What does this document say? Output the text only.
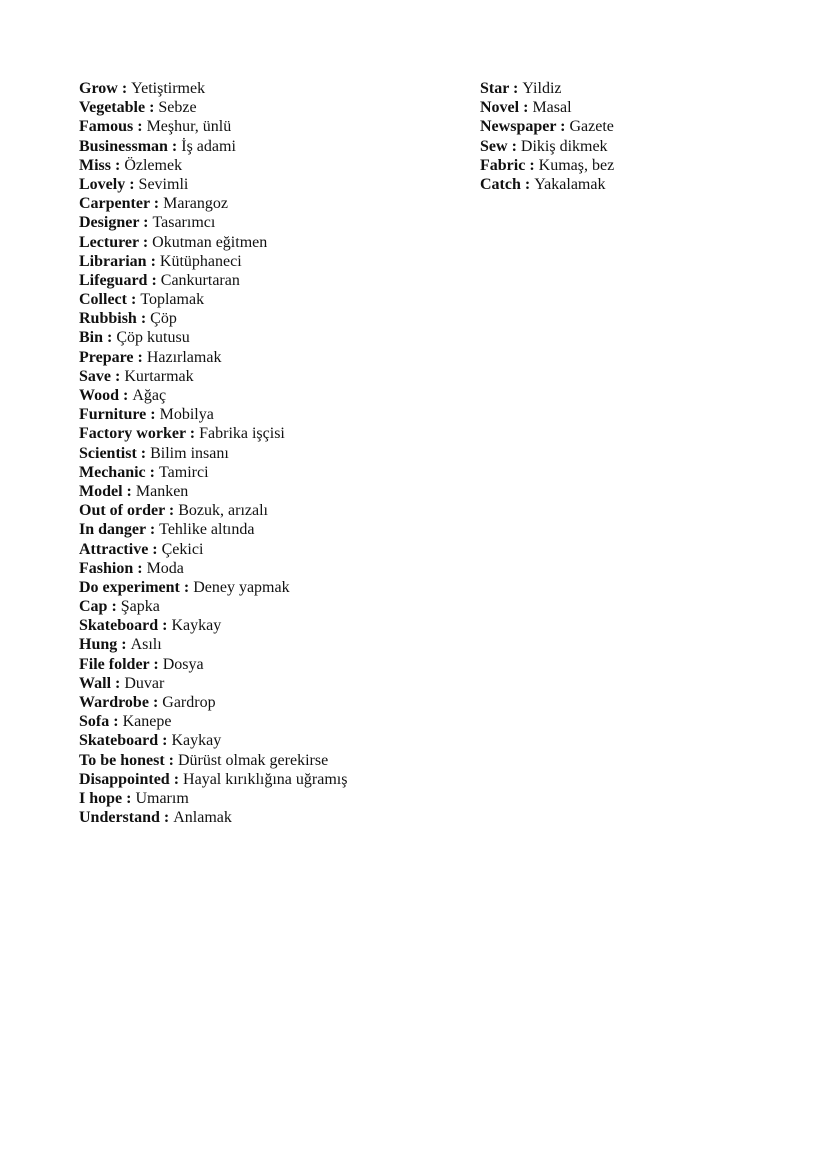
Grow : Yetiştirmek
Vegetable : Sebze
Famous : Meşhur, ünlü
Businessman : İş adami
Miss : Özlemek
Lovely : Sevimli
Carpenter : Marangoz
Designer : Tasarımcı
Lecturer : Okutman eğitmen
Librarian : Kütüphaneci
Lifeguard : Cankurtaran
Collect : Toplamak
Rubbish : Çöp
Bin : Çöp kutusu
Prepare : Hazırlamak
Save : Kurtarmak
Wood : Ağaç
Furniture : Mobilya
Factory worker : Fabrika işçisi
Scientist : Bilim insanı
Mechanic : Tamirci
Model : Manken
Out of order : Bozuk, arızalı
In danger : Tehlike altında
Attractive : Çekici
Fashion : Moda
Do experiment : Deney yapmak
Cap : Şapka
Skateboard : Kaykay
Hung : Asılı
File folder : Dosya
Wall : Duvar
Wardrobe : Gardrop
Sofa : Kanepe
Skateboard : Kaykay
To be honest : Dürüst olmak gerekirse
Disappointed : Hayal kırıklığına uğramış
I hope : Umarım
Understand : Anlamak
Star : Yildiz
Novel : Masal
Newspaper : Gazete
Sew : Dikiş dikmek
Fabric : Kumaş, bez
Catch : Yakalamak
